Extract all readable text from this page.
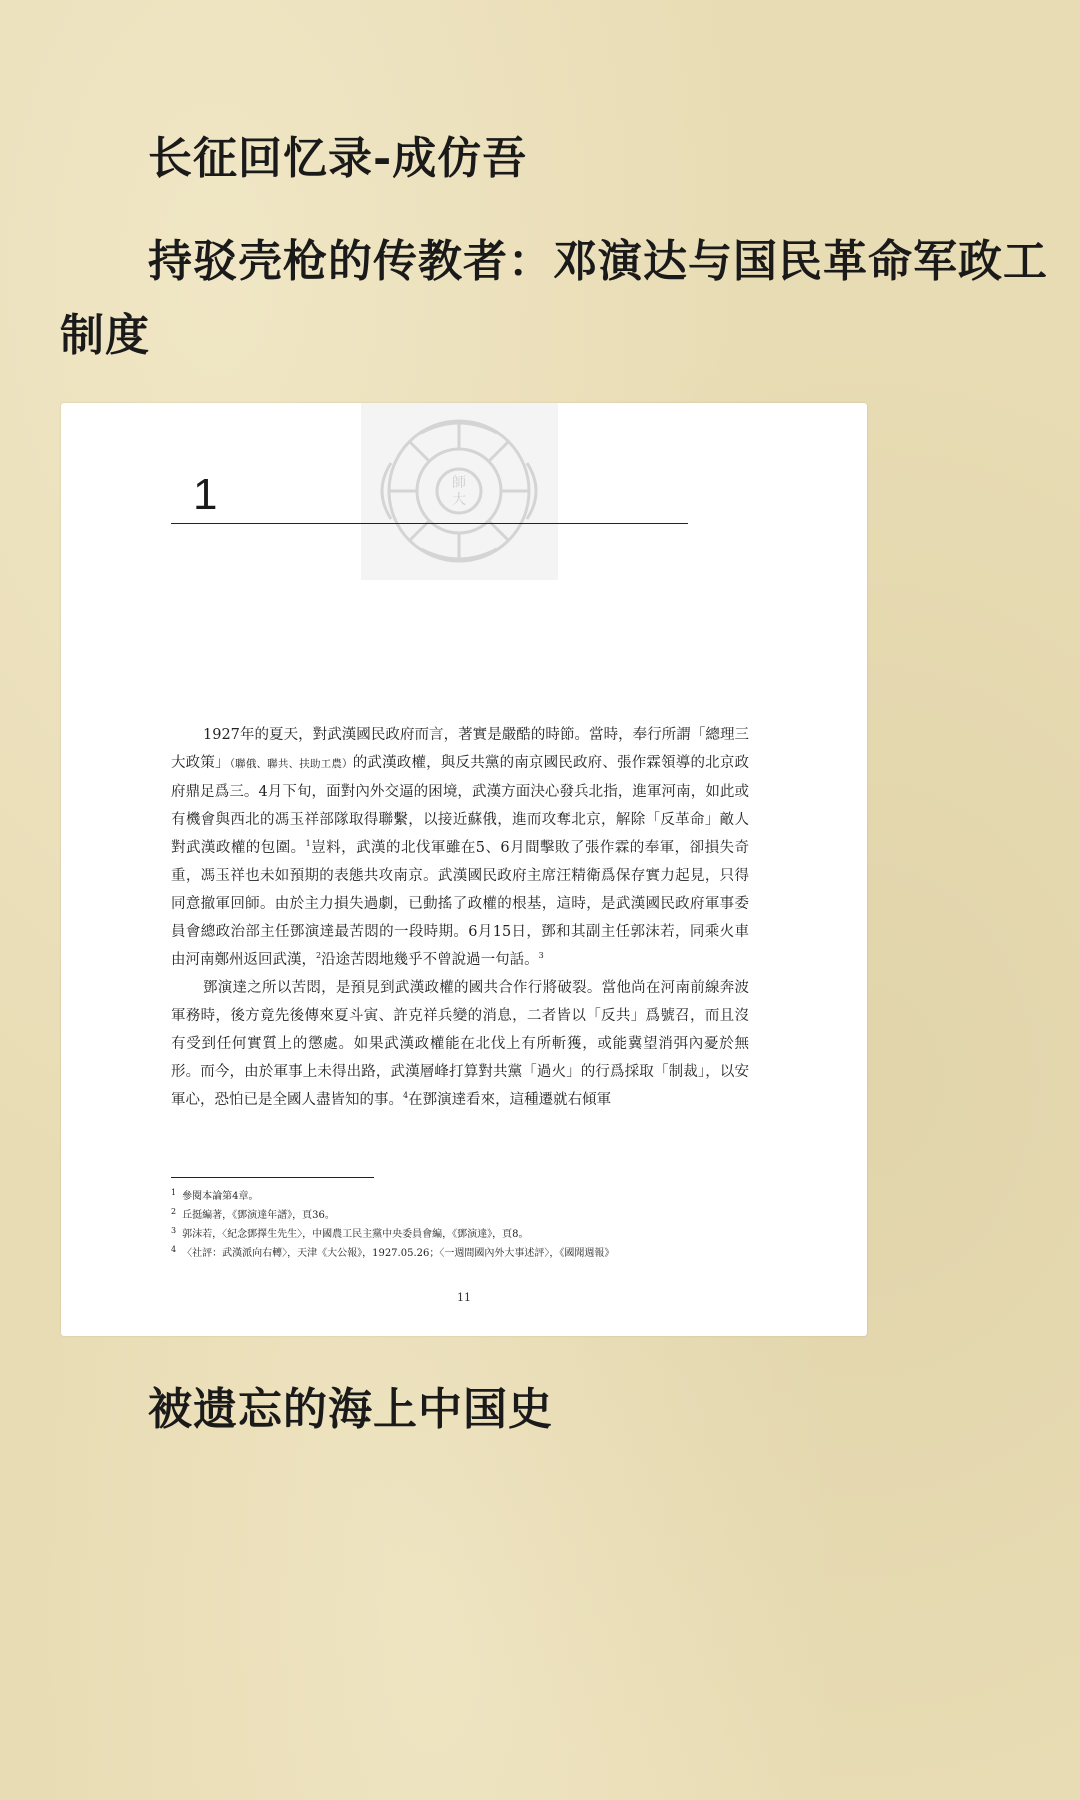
长征回忆录-成仿吾
持驳壳枪的传教者：邓演达与国民革命军政工制度
師
大
1

1927年的夏天，對武漢國民政府而言，著實是嚴酷的時節。當時，奉行所謂「總理三大政策」（聯俄、聯共、扶助工農）的武漢政權，與反共黨的南京國民政府、張作霖領導的北京政府鼎足爲三。4月下旬，面對內外交逼的困境，武漢方面決心發兵北指，進軍河南，如此或有機會與西北的馮玉祥部隊取得聯繫，以接近蘇俄，進而攻奪北京，解除「反革命」敵人對武漢政權的包圍。$^1$豈料，武漢的北伐軍雖在5、6月間擊敗了張作霖的奉軍，卻損失奇重，馮玉祥也未如預期的表態共攻南京。武漢國民政府主席汪精衛爲保存實力起見，只得同意撤軍回師。由於主力損失過劇，已動搖了政權的根基，這時，是武漢國民政府軍事委員會總政治部主任鄧演達最苦悶的一段時期。6月15日，鄧和其副主任郭沫若，同乘火車由河南鄭州返回武漢，$^2$沿途苦悶地幾乎不曾說過一句話。$^3$

鄧演達之所以苦悶，是預見到武漢政權的國共合作行將破裂。當他尚在河南前線奔波軍務時，後方竟先後傳來夏斗寅、許克祥兵變的消息，二者皆以「反共」爲號召，而且沒有受到任何實質上的懲處。如果武漢政權能在北伐上有所斬獲，或能冀望消弭內憂於無形。而今，由於軍事上未得出路，武漢層峰打算對共黨「過火」的行爲採取「制裁」，以安軍心，恐怕已是全國人盡皆知的事。$^4$在鄧演達看來，這種遷就右傾軍

$^1$ 參閱本論第4章。
$^2$ 丘挺編著，《鄧演達年譜》，頁36。
$^3$ 郭沫若，〈紀念鄧擇生先生〉，中國農工民主黨中央委員會編，《鄧演達》，頁8。
$^4$ 〈社評：武漢派向右轉〉，天津《大公報》，1927.05.26；〈一週間國內外大事述評〉，《國聞週報》
11
被遗忘的海上中国史
